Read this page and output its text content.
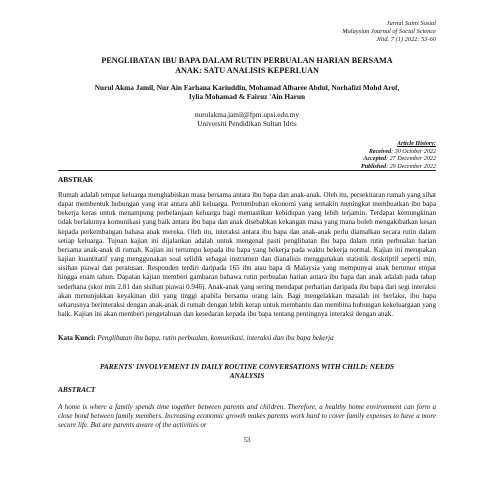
Jurnal Sains Sosial
Malaysian Journal of Social Science
Jilid. 7 (1) 2022: 53-60
PENGLIBATAN IBU BAPA DALAM RUTIN PERBUALAN HARIAN BERSAMA
ANAK: SATU ANALISIS KEPERLUAN
Nurul Akma Jamil, Nur Ain Farhana Kariuddin, Mohamad Albaree Abdul, Norhafizi Mohd Arof,
Iylia Mohamad & Fairuz 'Ain Harun
nurulakma.jamil@fpm.upsi.edu.my
Universiti Pendidikan Sultan Idris
Article History:
Received: 30 October 2022
Accepted: 27 December 2022
Published: 29 December 2022
ABSTRAK

Rumah adalah tempat keluarga menghabiskan masa bersama antara ibu bapa dan anak-anak. Oleh itu, persekitaran rumah yang sihat dapat membentuk hubungan yang erat antara ahli keluarga. Pertumbuhan ekonomi yang semakin meningkat membuatkan ibu bapa bekerja keras untuk menampung perbelanjaan keluarga bagi memastikan kehidupan yang lebih terjamin. Terdapat kemungkinan tidak berlakunya komunikasi yang baik antara ibu bapa dan anak disebabkan kekangan masa yang mana boleh mengakibatkan kesan kepada perkembangan bahasa anak mereka. Oleh itu, interaksi antara ibu bapa dan anak-anak perlu diamalkan secara rutin dalam setiap keluarga. Tujuan kajian ini dijalankan adalah untuk mengenal pasti penglibatan ibu bapa dalam rutin perbualan harian bersama anak-anak di rumah. Kajian ini tertumpu kepada ibu bapa yang bekerja pada waktu bekerja normal. Kajian ini merupakan kajian kuantitatif yang menggunakan soal selidik sebagai instrumen dan dianalisis menggunakan statistik deskriptif seperti min, sisihan piawai dan peratusan. Responden terdiri daripada 165 ibu atau bapa di Malaysia yang mempunyai anak berumur empat hingga enam tahun. Dapatan kajian memberi gambaran bahawa rutin perbualan harian antara ibu bapa dan anak adalah pada tahap sederhana (skor min 2.81 dan sisihan piawai 0.946). Anak-anak yang sering mendapat perhatian daripada ibu bapa dari segi interaksi akan menunjukkan keyakinan diri yang tinggi apabila bersama orang lain. Bagi mengelakkan masalah ini berlaku, ibu bapa seharusnya berinteraksi dengan anak-anak di rumah dengan lebih kerap untuk membantu dan membina hubungan kekeluargaan yang baik. Kajian ini akan memberi pengetahuan dan kesedaran kepada ibu bapa tentang pentingnya interaksi dengan anak.

Kata Kunci: Penglibatan ibu bapa, rutin perbualan, komunikasi, interaksi dan ibu bapa bekerja
PARENTS' INVOLVEMENT IN DAILY ROUTINE CONVERSATIONS WITH CHILD: NEEDS
ANALYSIS
ABSTRACT

A home is where a family spends time together between parents and children. Therefore, a healthy home environment can form a close bond between family members. Increasing economic growth makes parents work hard to cover family expenses to have a more secure life. But are parents aware of the activities or

53
